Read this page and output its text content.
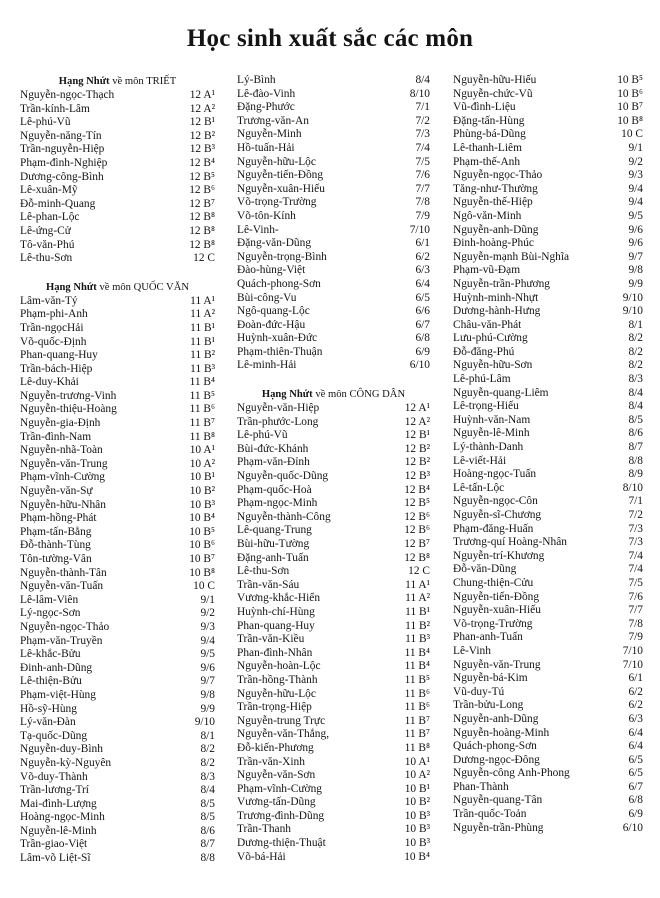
Học sinh xuất sắc các môn
Hạng Nhứt về môn TRIẾT
Nguyễn-ngọc-Thạch	12 A¹
Trần-kính-Lâm	12 A²
Lê-phú-Vũ	12 B¹
Nguyễn-năng-Tín	12 B²
Trần-nguyễn-Hiệp	12 B³
Phạm-đình-Nghiệp	12 B⁴
Dương-công-Bình	12 B⁵
Lê-xuân-Mỹ	12 B⁶
Đỗ-minh-Quang	12 B⁷
Lê-phan-Lộc	12 B⁸
Lê-ứng-Cử	12 B⁸
Tô-văn-Phú	12 B⁸
Lê-thu-Sơn	12 C
Hạng Nhứt về môn QUỐC VĂN
Lâm-văn-Tý	11 A¹
Phạm-phi-Anh	11 A²
Trần-ngọcHải	11 B¹
Võ-quốc-Định	11 B¹
Phan-quang-Huy	11 B²
Trần-bách-Hiệp	11 B³
Lê-duy-Khải	11 B⁴
Nguyễn-trương-Vinh	11 B⁵
Nguyễn-thiệu-Hoàng	11 B⁶
Nguyễn-gia-Định	11 B⁷
Trần-đình-Nam	11 B⁸
Nguyễn-nhã-Toàn	10 A¹
Nguyễn-văn-Trung	10 A²
Phạm-vĩnh-Cường	10 B¹
Nguyễn-văn-Sự	10 B²
Nguyễn-hữu-Nhân	10 B³
Phạm-hồng-Phát	10 B⁴
Phạm-tấn-Bằng	10 B⁵
Đỗ-thành-Tùng	10 B⁶
Tôn-tường-Vân	10 B⁷
Nguyễn-thành-Tân	10 B⁸
Nguyễn-văn-Tuấn	10 C
Lê-lâm-Viên	9/1
Lý-ngọc-Sơn	9/2
Nguyễn-ngọc-Thảo	9/3
Phạm-văn-Truyền	9/4
Lê-khắc-Bửu	9/5
Đinh-anh-Dũng	9/6
Lê-thiện-Bửu	9/7
Phạm-việt-Hùng	9/8
Hồ-sỹ-Hùng	9/9
Lý-văn-Đàn	9/10
Tạ-quốc-Dũng	8/1
Nguyễn-duy-Bình	8/2
Nguyễn-kỳ-Nguyên	8/2
Võ-duy-Thành	8/3
Trần-lương-Trí	8/4
Mai-đình-Lượng	8/5
Hoàng-ngọc-Minh	8/5
Nguyễn-lê-Minh	8/6
Trần-giao-Việt	8/7
Lâm-võ Liệt-Sĩ	8/8
Lý-Bình	8/4
Lê-đào-Vinh	8/10
Đặng-Phước	7/1
Trương-văn-An	7/2
Nguyễn-Minh	7/3
Hồ-tuấn-Hải	7/4
Nguyễn-hữu-Lộc	7/5
Nguyễn-tiến-Đồng	7/6
Nguyễn-xuân-Hiếu	7/7
Võ-trọng-Trường	7/8
Võ-tôn-Kính	7/9
Lê-Vinh-	7/10
Đặng-văn-Dũng	6/1
Nguyễn-trọng-Bình	6/2
Đào-hùng-Việt	6/3
Quách-phong-Sơn	6/4
Bùi-công-Vu	6/5
Ngô-quang-Lộc	6/6
Đoàn-đức-Hậu	6/7
Huỳnh-xuân-Đức	6/8
Phạm-thiên-Thuận	6/9
Lê-minh-Hải	6/10
Hạng Nhứt về môn CÔNG DÂN
Nguyễn-văn-Hiệp	12 A¹
Trần-phước-Long	12 A²
Lê-phú-Vũ	12 B¹
Bùi-đức-Khánh	12 B²
Phạm-văn-Đỉnh	12 B²
Nguyễn-quốc-Dũng	12 B³
Phạm-quốc-Hoà	12 B⁴
Phạm-ngọc-Minh	12 B⁵
Nguyễn-thành-Công	12 B⁶
Lê-quang-Trung	12 B⁶
Bùi-hữu-Tường	12 B⁷
Đặng-anh-Tuấn	12 B⁸
Lê-thu-Sơn	12 C
Trần-văn-Sáu	11 A¹
Vương-khắc-Hiển	11 A²
Huỳnh-chí-Hùng	11 B¹
Phan-quang-Huy	11 B²
Trần-văn-Kiều	11 B³
Phan-đình-Nhân	11 B⁴
Nguyễn-hoàn-Lộc	11 B⁴
Trần-hồng-Thành	11 B⁵
Nguyễn-hữu-Lộc	11 B⁶
Trần-trọng-Hiệp	11 B⁶
Nguyễn-trung Trực	11 B⁷
Nguyễn-văn-Thắng,	11 B⁷
Đỗ-kiến-Phương	11 B⁸
Trần-văn-Xinh	10 A¹
Nguyễn-văn-Sơn	10 A²
Phạm-vĩnh-Cường	10 B¹
Vương-tấn-Dũng	10 B²
Trương-đình-Dũng	10 B³
Trần-Thanh	10 B³
Dương-thiện-Thuật	10 B³
Võ-bá-Hải	10 B⁴
Nguyễn-hữu-Hiếu	10 B⁵
Nguyễn-chức-Vũ	10 B⁶
Vũ-đình-Liệu	10 B⁷
Đặng-tấn-Hùng	10 B⁸
Phùng-bá-Dũng	10 C
Lê-thanh-Liêm	9/1
Phạm-thế-Anh	9/2
Nguyễn-ngọc-Thảo	9/3
Tăng-như-Thường	9/4
Nguyễn-thế-Hiệp	9/4
Ngô-văn-Minh	9/5
Nguyễn-anh-Dũng	9/6
Đinh-hoàng-Phúc	9/6
Nguyễn-mạnh Bùi-Nghĩa	9/7
Phạm-vũ-Đạm	9/8
Nguyễn-trần-Phương	9/9
Huỳnh-minh-Nhựt	9/10
Dương-hành-Hưng	9/10
Châu-văn-Phát	8/1
Lưu-phú-Cường	8/2
Đỗ-đăng-Phú	8/2
Nguyễn-hữu-Sơn	8/2
Lê-phú-Lâm	8/3
Nguyễn-quang-Liêm	8/4
Lê-trọng-Hiếu	8/4
Huỳnh-văn-Nam	8/5
Nguyễn-lê-Minh	8/6
Lý-thành-Danh	8/7
Lê-viết-Hải	8/8
Hoàng-ngọc-Tuấn	8/9
Lê-tấn-Lộc	8/10
Nguyễn-ngọc-Côn	7/1
Nguyễn-sĩ-Chương	7/2
Phạm-đăng-Huấn	7/3
Trương-quí Hoàng-Nhân	7/3
Nguyễn-trí-Khương	7/4
Đỗ-văn-Dũng	7/4
Chung-thiện-Cửu	7/5
Nguyễn-tiến-Đồng	7/6
Nguyễn-xuân-Hiếu	7/7
Võ-trọng-Trường	7/8
Phan-anh-Tuấn	7/9
Lê-Vinh	7/10
Nguyễn-văn-Trung	7/10
Nguyễn-bá-Kim	6/1
Vũ-duy-Tú	6/2
Trần-bửu-Long	6/2
Nguyễn-anh-Dũng	6/3
Nguyễn-hoàng-Minh	6/4
Quách-phong-Sơn	6/4
Dương-ngọc-Đông	6/5
Nguyễn-công Anh-Phong	6/5
Phan-Thành	6/7
Nguyễn-quang-Tân	6/8
Trần-quốc-Toản	6/9
Nguyễn-trần-Phùng	6/10
